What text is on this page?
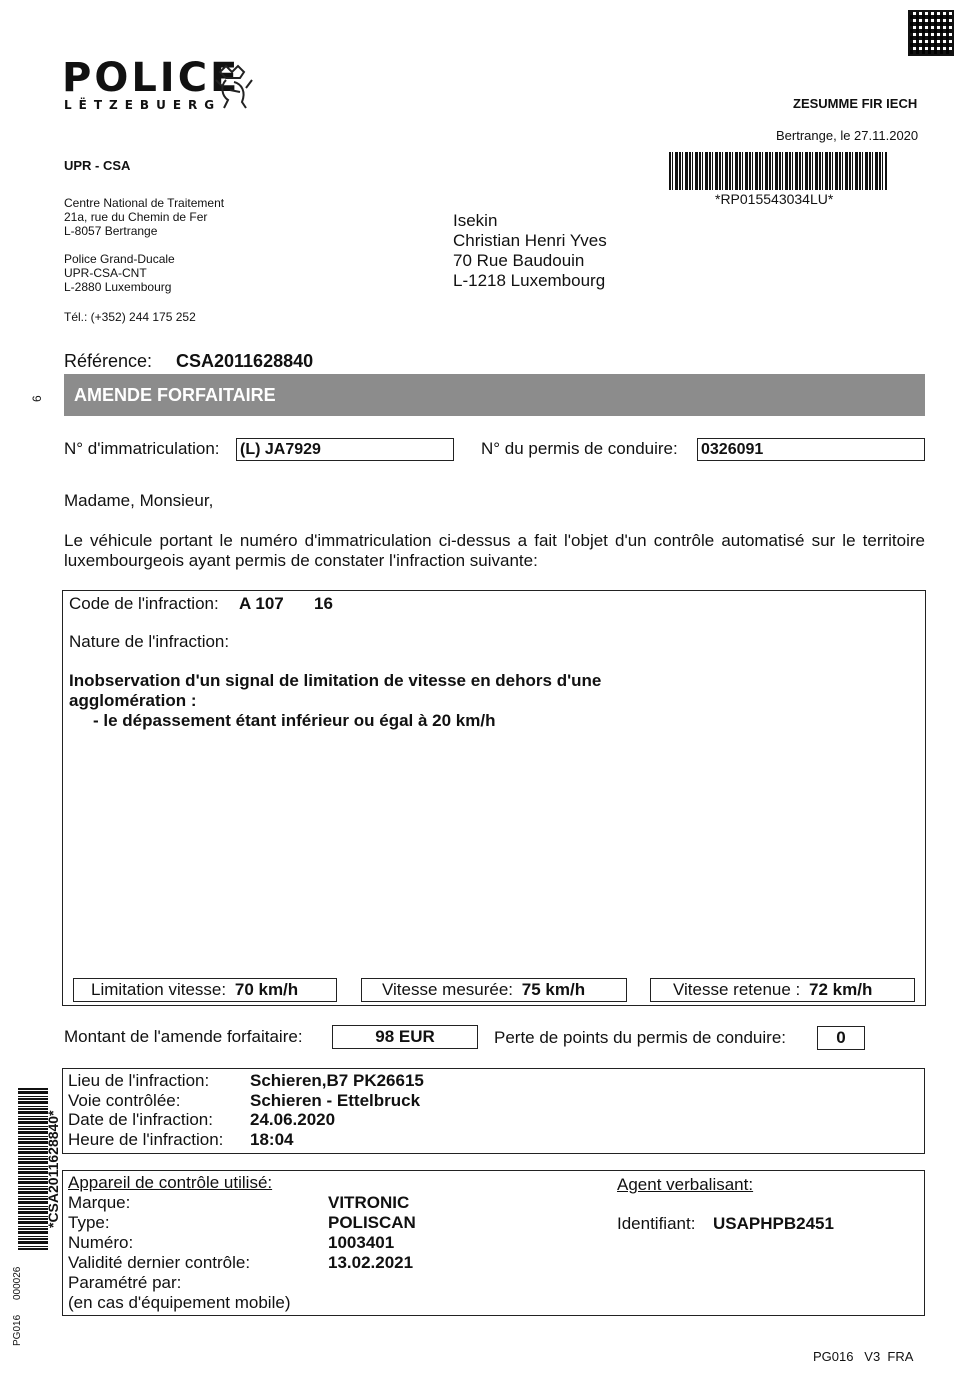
POLICE
LËTZEBUERG	ZESUMME FIR IECH
Bertrange, le 27.11.2020
*RP015543034LU*
UPR - CSA
Centre National de Traitement
21a, rue du Chemin de Fer
L-8057 Bertrange
Police Grand-Ducale
UPR-CSA-CNT
L-2880 Luxembourg
Tél.: (+352) 244 175 252
Isekin
Christian Henri Yves
70 Rue Baudouin
L-1218 Luxembourg
Référence: CSA2011628840
AMENDE FORFAITAIRE
6
N° d'immatriculation: (L) JA7929	N° du permis de conduire: 0326091
Madame, Monsieur,
Le véhicule portant le numéro d'immatriculation ci-dessus a fait l'objet d'un contrôle automatisé sur le territoire luxembourgeois ayant permis de constater l'infraction suivante:
Code de l'infraction: A 107 16
Nature de l'infraction:
Inobservation d'un signal de limitation de vitesse en dehors d'une
agglomération :
- le dépassement étant inférieur ou égal à 20 km/h
Limitation vitesse: 70 km/h	Vitesse mesurée: 75 km/h	Vitesse retenue : 72 km/h
Montant de l'amende forfaitaire:	98 EUR	Perte de points du permis de conduire:	0
Lieu de l'infraction: Schieren,B7 PK26615
Voie contrôlée:	Schieren - Ettelbruck
Date de l'infraction: 24.06.2020
Heure de l'infraction: 18:04
Appareil de contrôle utilisé:
Marque:	VITRONIC
Type:	POLISCAN
Numéro:	1003401
Validité dernier contrôle:	13.02.2021
Paramétré par:
(en cas d'équipement mobile)
Agent verbalisant:
Identifiant: USAPHPB2451
*CSA2011628840*
PG016
000026
PG016   V3  FRA
